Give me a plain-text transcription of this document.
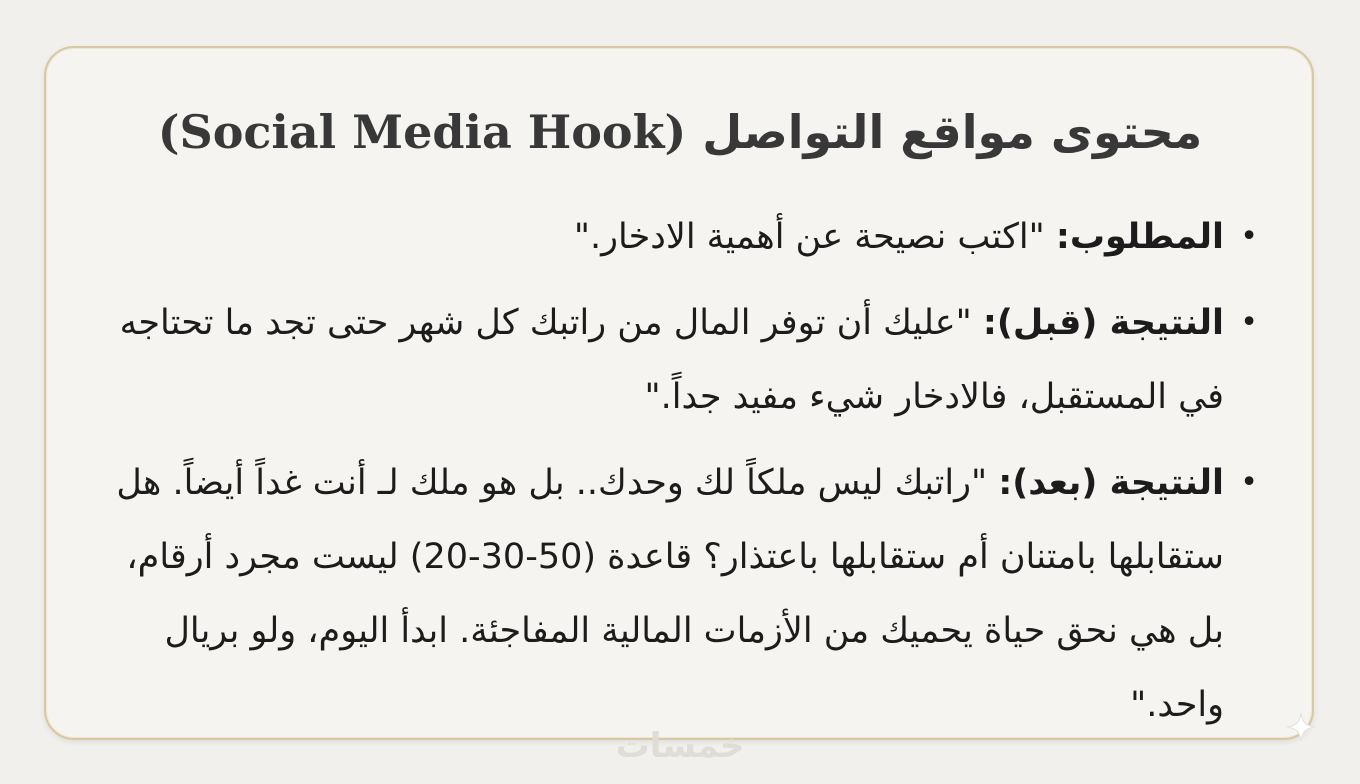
محتوى مواقع التواصل (Social Media Hook)
•
المطلوب: "اكتب نصيحة عن أهمية الادخار."
•
النتيجة (قبل): "عليك أن توفر المال من راتبك كل شهر حتى تجد ما تحتاجه في المستقبل، فالادخار شيء مفيد جداً."
•
النتيجة (بعد): "راتبك ليس ملكاً لك وحدك.. بل هو ملك لـ أنت غداً أيضاً. هل ستقابلها بامتنان أم ستقابلها باعتذار؟ قاعدة (50-30-20) ليست مجرد أرقام، بل هي نحق حياة يحميك من الأزمات المالية المفاجئة. ابدأ اليوم، ولو بريال واحد."
خمسات
